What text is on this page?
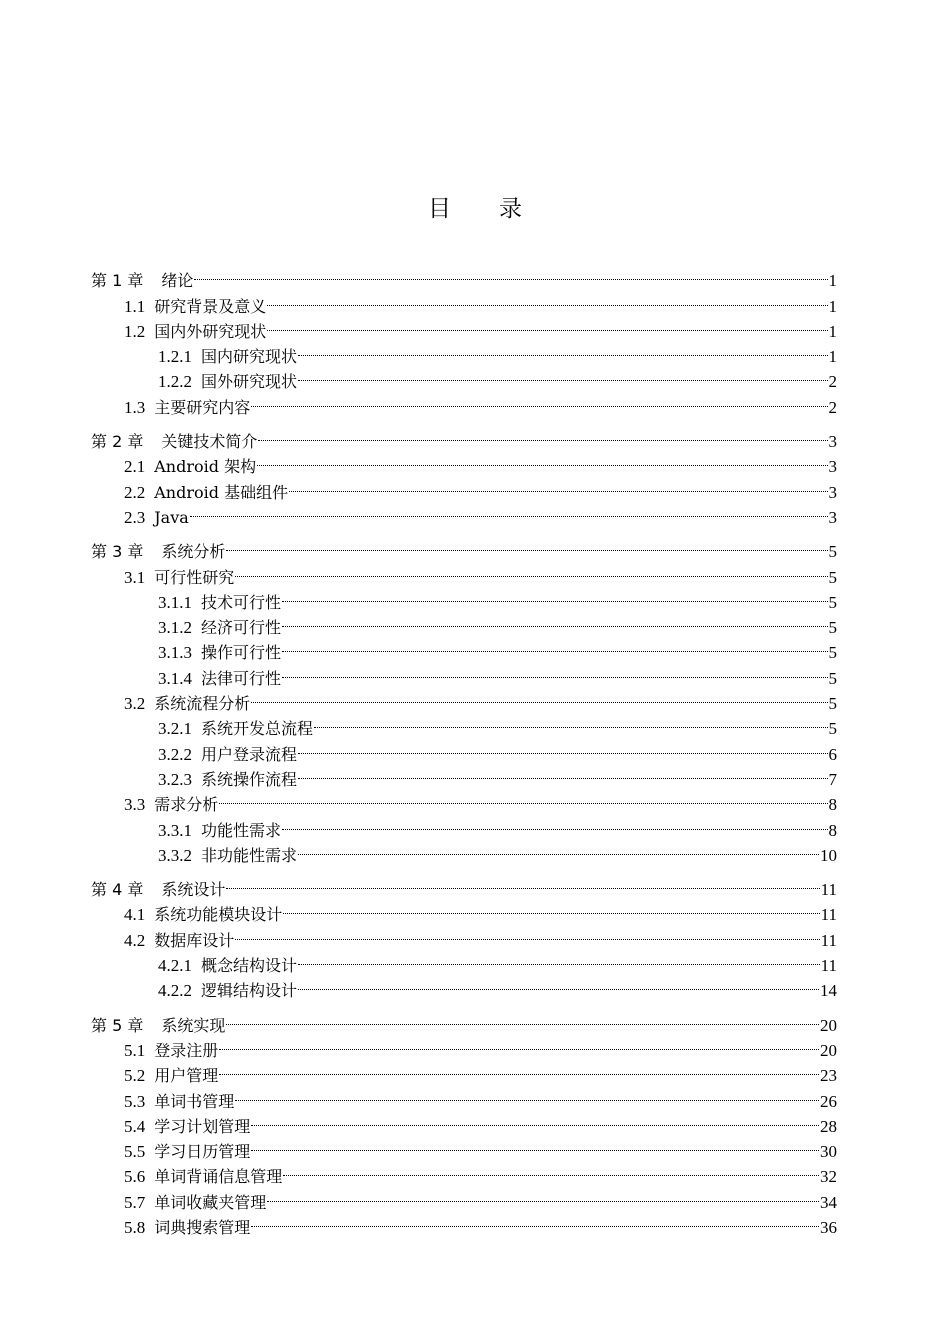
目 录
第 1 章 绪论	1
1.1 研究背景及意义	1
1.2 国内外研究现状	1
1.2.1 国内研究现状	1
1.2.2 国外研究现状	2
1.3 主要研究内容	2
第 2 章 关键技术简介	3
2.1 Android 架构	3
2.2 Android 基础组件	3
2.3 Java	3
第 3 章 系统分析	5
3.1 可行性研究	5
3.1.1 技术可行性	5
3.1.2 经济可行性	5
3.1.3 操作可行性	5
3.1.4 法律可行性	5
3.2 系统流程分析	5
3.2.1 系统开发总流程	5
3.2.2 用户登录流程	6
3.2.3 系统操作流程	7
3.3 需求分析	8
3.3.1 功能性需求	8
3.3.2 非功能性需求	10
第 4 章 系统设计	11
4.1 系统功能模块设计	11
4.2 数据库设计	11
4.2.1 概念结构设计	11
4.2.2 逻辑结构设计	14
第 5 章 系统实现	20
5.1 登录注册	20
5.2 用户管理	23
5.3 单词书管理	26
5.4 学习计划管理	28
5.5 学习日历管理	30
5.6 单词背诵信息管理	32
5.7 单词收藏夹管理	34
5.8 词典搜索管理	36
